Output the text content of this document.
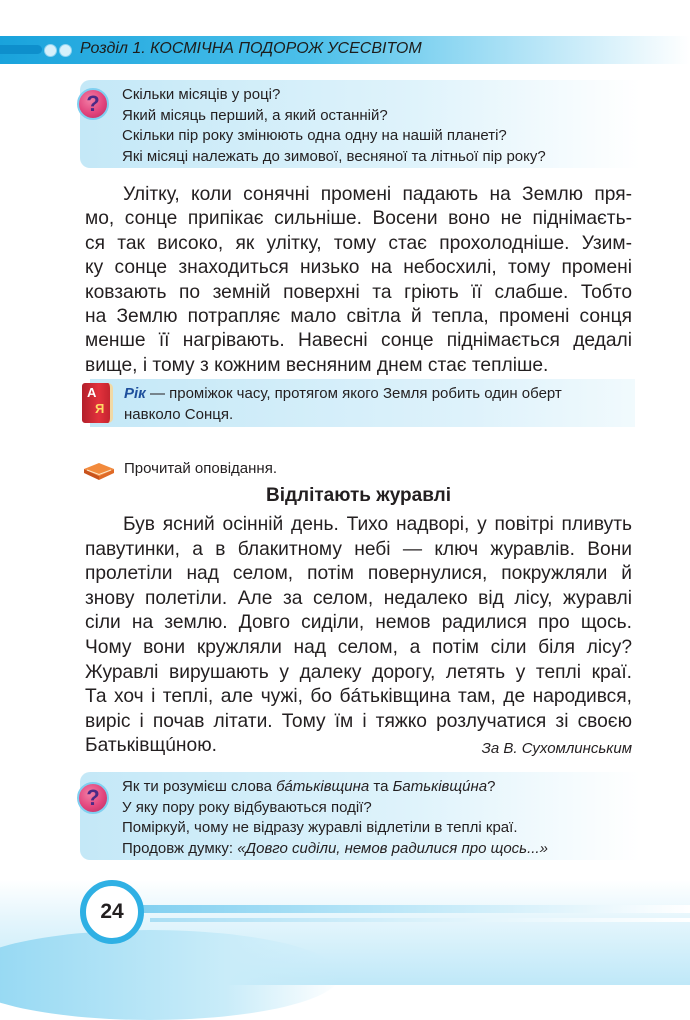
Розділ 1. КОСМІЧНА ПОДОРОЖ УСЕСВІТОМ
?	Скільки місяців у році?
Який місяць перший, а який останній?
Скільки пір року змінюють одна одну на нашій планеті?
Які місяці належать до зимової, весняної та літньої пір року?
Улітку, коли сонячні промені падають на Землю пря-
мо, сонце припікає сильніше. Восени воно не піднімаєть-
ся так високо, як улітку, тому стає прохолодніше. Узим-
ку сонце знаходиться низько на небосхилі, тому промені
ковзають по земній поверхні та гріють її слабше. Тобто
на Землю потрапляє мало світла й тепла, промені сонця
менше її нагрівають. Навесні сонце піднімається дедалі
вище, і тому з кожним весняним днем стає тепліше.
А
Я
Рік — проміжок часу, протягом якого Земля робить один оберт
навколо Сонця.
Прочитай оповідання.
Відлітають журавлі
Був ясний осінній день. Тихо надворі, у повітрі пливуть
павутинки, а в блакитному небі — ключ журавлів. Вони
пролетіли над селом, потім повернулися, покружляли й
знову полетіли. Але за селом, недалеко від лісу, журавлі
сіли на землю. Довго сиділи, немов радилися про щось.
Чому вони кружляли над селом, а потім сіли біля лісу?
Журавлі вирушають у далеку дорогу, летять у теплі краї.
Та хоч і теплі, але чужі, бо бáтьківщина там, де народився,
виріс і почав літати. Тому їм і тяжко розлучатися зі своєю
Батьківщúною.	За В. Сухомлинським
?	Як ти розумієш слова бáтьківщина та Батьківщúна?
У яку пору року відбуваються події?
Поміркуй, чому не відразу журавлі відлетіли в теплі краї.
Продовж думку: «Довго сиділи, немов радилися про щось...»
24
